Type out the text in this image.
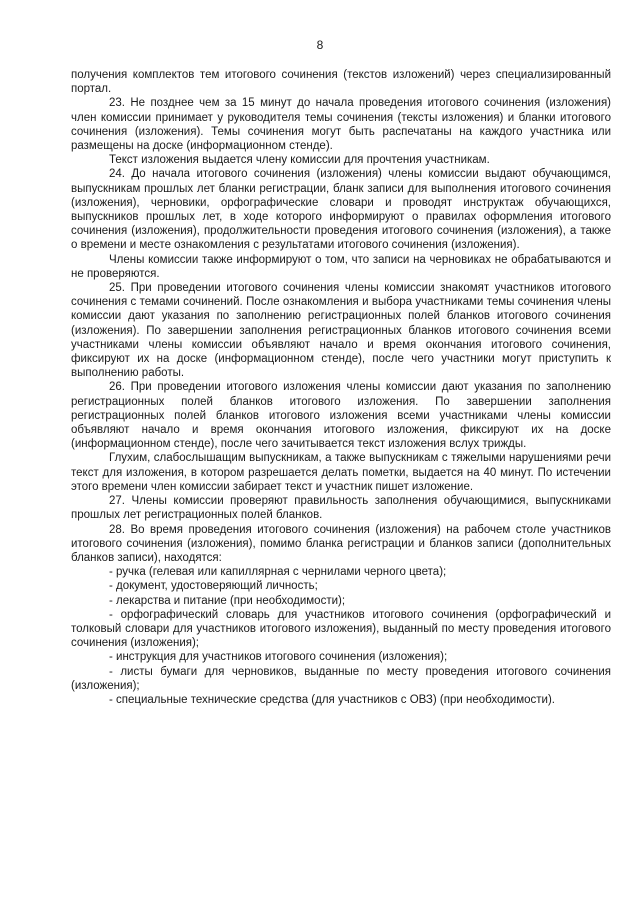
8

получения комплектов тем итогового сочинения (текстов изложений) через специализированный портал.

23. Не позднее чем за 15 минут до начала проведения итогового сочинения (изложения) член комиссии принимает у руководителя темы сочинения (тексты изложения) и бланки итогового сочинения (изложения). Темы сочинения могут быть распечатаны на каждого участника или размещены на доске (информационном стенде).

Текст изложения выдается члену комиссии для прочтения участникам.

24. До начала итогового сочинения (изложения) члены комиссии выдают обучающимся, выпускникам прошлых лет бланки регистрации, бланк записи для выполнения итогового сочинения (изложения), черновики, орфографические словари и проводят инструктаж обучающихся, выпускников прошлых лет, в ходе которого информируют о правилах оформления итогового сочинения (изложения), продолжительности проведения итогового сочинения (изложения), а также о времени и месте ознакомления с результатами итогового сочинения (изложения).

Члены комиссии также информируют о том, что записи на черновиках не обрабатываются и не проверяются.

25. При проведении итогового сочинения члены комиссии знакомят участников итогового сочинения с темами сочинений. После ознакомления и выбора участниками темы сочинения члены комиссии дают указания по заполнению регистрационных полей бланков итогового сочинения (изложения). По завершении заполнения регистрационных бланков итогового сочинения всеми участниками члены комиссии объявляют начало и время окончания итогового сочинения, фиксируют их на доске (информационном стенде), после чего участники могут приступить к выполнению работы.

26. При проведении итогового изложения члены комиссии дают указания по заполнению регистрационных полей бланков итогового изложения. По завершении заполнения регистрационных полей бланков итогового изложения всеми участниками члены комиссии объявляют начало и время окончания итогового изложения, фиксируют их на доске (информационном стенде), после чего зачитывается текст изложения вслух трижды.

Глухим, слабослышащим выпускникам, а также выпускникам с тяжелыми нарушениями речи текст для изложения, в котором разрешается делать пометки, выдается на 40 минут. По истечении этого времени член комиссии забирает текст и участник пишет изложение.

27. Члены комиссии проверяют правильность заполнения обучающимися, выпускниками прошлых лет регистрационных полей бланков.

28. Во время проведения итогового сочинения (изложения) на рабочем столе участников итогового сочинения (изложения), помимо бланка регистрации и бланков записи (дополнительных бланков записи), находятся:

- ручка (гелевая или капиллярная с чернилами черного цвета);

- документ, удостоверяющий личность;

- лекарства и питание (при необходимости);

- орфографический словарь для участников итогового сочинения (орфографический и толковый словари для участников итогового изложения), выданный по месту проведения итогового сочинения (изложения);

- инструкция для участников итогового сочинения (изложения);

- листы бумаги для черновиков, выданные по месту проведения итогового сочинения (изложения);

- специальные технические средства (для участников с ОВЗ) (при необходимости).
